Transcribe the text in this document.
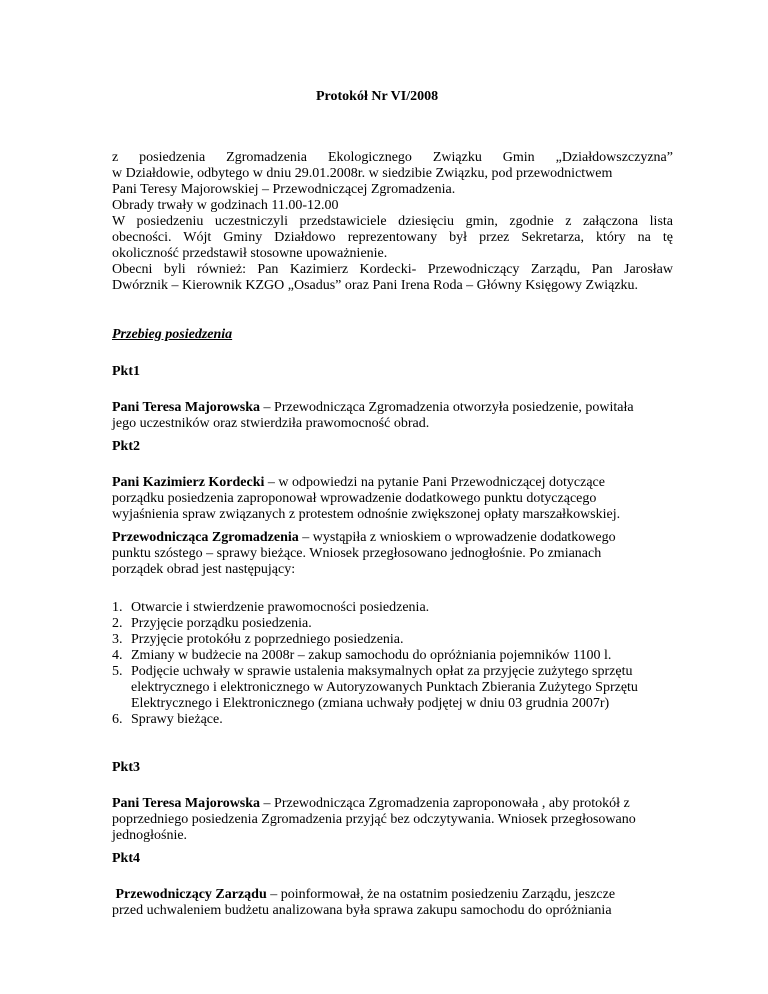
Protokół Nr VI/2008

z posiedzenia Zgromadzenia Ekologicznego Związku Gmin „Działdowszczyzna”

w Działdowie, odbytego w dniu 29.01.2008r. w siedzibie Związku, pod przewodnictwem

Pani Teresy Majorowskiej – Przewodniczącej Zgromadzenia.

Obrady trwały w godzinach 11.00-12.00

W posiedzeniu uczestniczyli przedstawiciele dziesięciu gmin, zgodnie z załączona lista

obecności. Wójt Gminy Działdowo reprezentowany był przez Sekretarza, który na tę

okoliczność przedstawił stosowne upoważnienie.

Obecni byli również: Pan Kazimierz Kordecki- Przewodniczący Zarządu, Pan Jarosław

Dwórznik – Kierownik KZGO „Osadus” oraz Pani Irena Roda – Główny Księgowy Związku.

Przebieg posiedzenia
Pkt1
Pani Teresa Majorowska – Przewodnicząca Zgromadzenia otworzyła posiedzenie, powitała
jego uczestników oraz stwierdziła prawomocność obrad.
Pkt2
Pani Kazimierz Kordecki – w odpowiedzi na pytanie Pani Przewodniczącej dotyczące
porządku posiedzenia zaproponował wprowadzenie dodatkowego punktu dotyczącego
wyjaśnienia spraw związanych z protestem odnośnie zwiększonej opłaty marszałkowskiej.
Przewodnicząca Zgromadzenia – wystąpiła z wnioskiem o wprowadzenie dodatkowego
punktu szóstego – sprawy bieżące. Wniosek przegłosowano jednogłośnie. Po zmianach
porządek obrad jest następujący:
1. Otwarcie i stwierdzenie prawomocności posiedzenia.
2. Przyjęcie porządku posiedzenia.
3. Przyjęcie protokółu z poprzedniego posiedzenia.
4. Zmiany w budżecie na 2008r – zakup samochodu do opróżniania pojemników 1100 l.
5. Podjęcie uchwały w sprawie ustalenia maksymalnych opłat za przyjęcie zużytego sprzętu
elektrycznego i elektronicznego w Autoryzowanych Punktach Zbierania Zużytego Sprzętu
Elektrycznego i Elektronicznego (zmiana uchwały podjętej w dniu 03 grudnia 2007r)
6. Sprawy bieżące.
Pkt3
Pani Teresa Majorowska – Przewodnicząca Zgromadzenia zaproponowała , aby protokół z
poprzedniego posiedzenia Zgromadzenia przyjąć bez odczytywania. Wniosek przegłosowano
jednogłośnie.
Pkt4
Przewodniczący Zarządu – poinformował, że na ostatnim posiedzeniu Zarządu, jeszcze
przed uchwaleniem budżetu analizowana była sprawa zakupu samochodu do opróżniania
